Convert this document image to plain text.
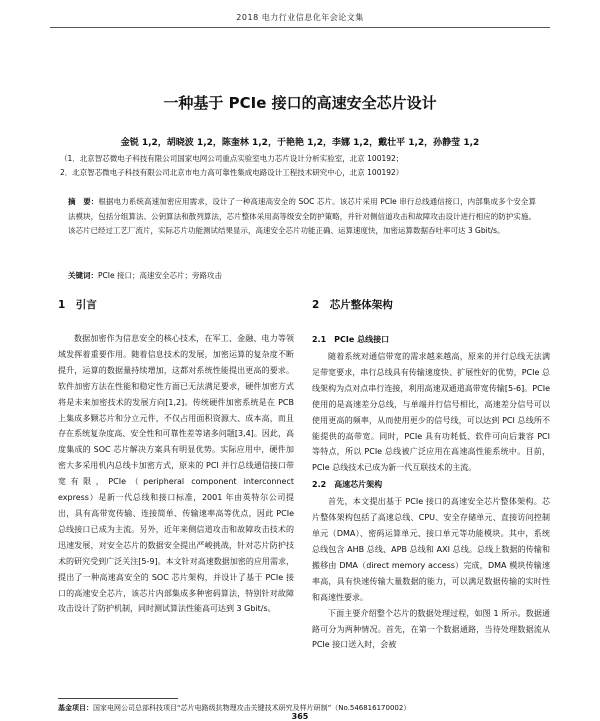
2018 电力行业信息化年会论文集
一种基于 PCIe 接口的高速安全芯片设计
金锐 1,2，胡晓波 1,2，陈奎林 1,2，于艳艳 1,2，李娜 1,2，戴壮平 1,2，孙静莹 1,2
（1．北京智芯微电子科技有限公司国家电网公司重点实验室电力芯片设计分析实验室，北京 100192；
2．北京智芯微电子科技有限公司北京市电力高可靠性集成电路设计工程技术研究中心，北京 100192）
摘　要：根据电力系统高速加密应用需求，设计了一种高速高安全的 SOC 芯片。该芯片采用 PCIe 串行总线通信接口，内部集成多个安全算法模块，包括分组算法、公钥算法和散列算法，芯片整体采用高等级安全防护策略，并针对侧信道攻击和故障攻击设计进行相应的防护实施。该芯片已经过工艺厂流片，实际芯片功能测试结果显示，高速安全芯片功能正确、运算速度快，加密运算数据吞吐率可达 3 Gbit/s。
关键词：PCIe 接口；高速安全芯片；旁路攻击
1　引言

数据加密作为信息安全的核心技术，在军工、金融、电力等领域发挥着重要作用。随着信息技术的发展，加密运算的复杂度不断提升，运算的数据量持续增加，这都对系统性能提出更高的要求。软件加密方法在性能和稳定性方面已无法满足要求，硬件加密方式将是未来加密技术的发展方向[1,2]。传统硬件加密系统是在 PCB 上集成多颗芯片和分立元件，不仅占用面积资源大、成本高，而且存在系统复杂度高、安全性和可靠性差等诸多问题[3,4]。因此，高度集成的 SOC 芯片解决方案具有明显优势。实际应用中，硬件加密大多采用机内总线卡加密方式，原来的 PCI 并行总线通信接口带宽有限，PCIe（peripheral component interconnect express）是新一代总线和接口标准，2001 年由英特尔公司提出，具有高带宽传输、连接简单、传输速率高等优点，因此 PCIe 总线接口已成为主流。另外，近年来侧信道攻击和故障攻击技术的迅速发展，对安全芯片的数据安全提出严峻挑战，针对芯片防护技术的研究受到广泛关注[5-9]。本文针对高速数据加密的应用需求，提出了一种高速高安全的 SOC 芯片架构，并设计了基于 PCIe 接口的高速安全芯片，该芯片内部集成多种密码算法，特别针对故障攻击设计了防护机制，同时测试算法性能高可达到 3 Gbit/s。

2　芯片整体架构
2.1　PCIe 总线接口

随着系统对通信带宽的需求越来越高，原来的并行总线无法满足带宽要求，串行总线具有传输速度快、扩展性好的优势，PCIe 总线架构为点对点串行连接，利用高速双通道高带宽传输[5-6]。PCIe 使用的是高速差分总线，与单端并行信号相比，高速差分信号可以使用更高的频率，从而使用更少的信号线，可以达到 PCI 总线所不能提供的高带宽。同时，PCIe 具有功耗低、软件可向后兼容 PCI 等特点，所以 PCIe 总线被广泛应用在高速高性能系统中。目前，PCIe 总线技术已成为新一代互联技术的主流。

2.2　高速芯片架构

首先，本文提出基于 PCIe 接口的高速安全芯片整体架构。芯片整体架构包括了高速总线、CPU、安全存储单元、直接访问控制单元（DMA）、密码运算单元、接口单元等功能模块。其中，系统总线包含 AHB 总线、APB 总线和 AXI 总线。总线上数据的传输和搬移由 DMA（direct memory access）完成，DMA 模块传输速率高，具有快速传输大量数据的能力，可以满足数据传输的实时性和高速性要求。

下面主要介绍整个芯片的数据处理过程，如图 1 所示。数据通路可分为两种情况。首先，在第一个数据通路，当待处理数据流从 PCIe 接口送入时，会被

基金项目：国家电网公司总部科技项目“芯片电路级抗物理攻击关键技术研究及样片研制”（No.546816170002）
365
